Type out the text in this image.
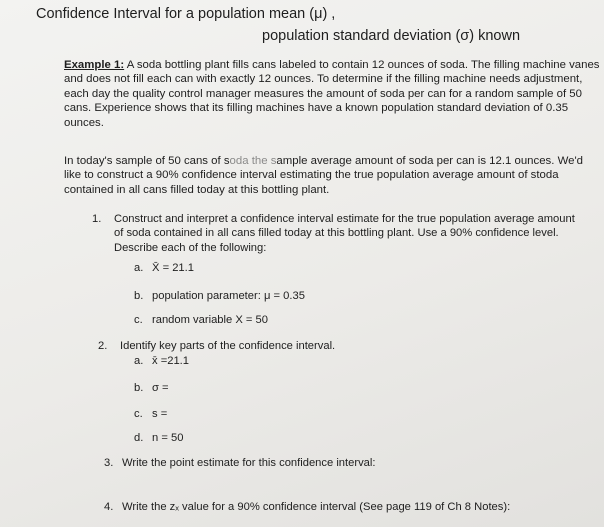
Confidence Interval for a population mean (μ) ,
population standard deviation (σ) known
Example 1: A soda bottling plant fills cans labeled to contain 12 ounces of soda. The filling machine vanes and does not fill each can with exactly 12 ounces. To determine if the filling machine needs adjustment, each day the quality control manager measures the amount of soda per can for a random sample of 50 cans. Experience shows that its filling machines have a known population standard deviation of 0.35 ounces.
In today's sample of 50 cans of soda the sample average amount of soda per can is 12.1 ounces. We'd like to construct a 90% confidence interval estimating the true population average amount of stoda contained in all cans filled today at this bottling plant.
1. Construct and interpret a confidence interval estimate for the true population average amount of soda contained in all cans filled today at this bottling plant. Use a 90% confidence level. Describe each of the following:
a. X̄ = 21.1
b. population parameter: μ = 0.35
c. random variable X = 50
2. Identify key parts of the confidence interval.
a. x̄ =21.1
b. σ =
c. s =
d. n = 50
3. Write the point estimate for this confidence interval:
4. Write the zₓ value for a 90% confidence interval (See page 119 of Ch 8 Notes):
